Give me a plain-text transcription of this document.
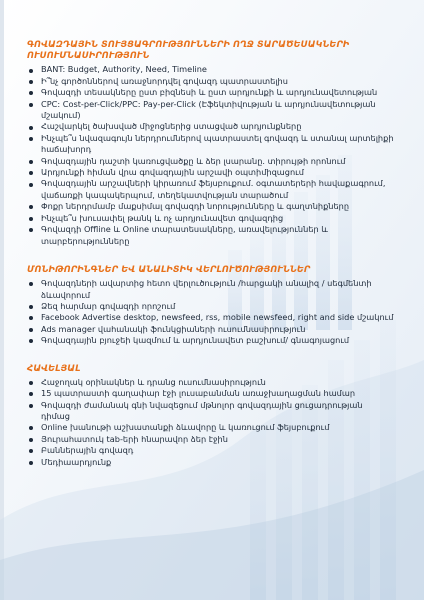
ԳՈՎԱԶԴԱՅԻՆ ՏՈՒՅՑԱԳՐՈՒԹՅՈՒՆՆԵՐԻ ՈՂՋ ՏԱՐԱԾԵՍԱԿՆԵՐԻ ՈՒՍՈՒՄՆԱՍԻՐՈՒԹՅՈՒՆ
BANT: Budget, Authority, Need, Timeline
Ի՞նչ գործոններով առաջնորդվել գովազդ պատրաստելիս
Գովազդի տեսակները ըստ բիզնեսի և ըստ արդյունքի և արդյունավետության
CPC: Cost-per-Click/PPC: Pay-per-Click (Էֆեկտիվության և արդյունավետության մշակում)
Հաշվարկել ծախսված միջոցներից ստացված արդյունքները
Ինչպե՞ս նվազագույն ներդրումներով պատրաստել գովազդ և ստանալ արտելիքի հաճախորդ
Գովազդային դաշտի կառուցվածքը և ձեր լսարանը. տիրույթի որոնում
Արդյունքի հիման վրա գովազդային արշավի օպտիմիզացում
Գովազդային արշավների կիրառում ֆեյսբուքում. օգտատերերի հավաքագրում, վաճառքի կապակերպում, տեղեկատվության տարածում
Փոքր ներդրմամբ մաքսիմալ գովազդի նորությունները և գաղտնիքները
Ինչպե՞ս խուսափել թանկ և ոչ արդյունավետ գովազդից
Գովազդի Offline և Online տարատեսակները, առավելություններ և տարբերությունները
ՄՈՆԻԹՈՐԻՆԳՆԵՐ ԵՎ ԱՆԱԼԻՏԻԿ ՎԵՐԼՈՒԾՈՒԹՅՈՒՆՆԵՐ
Գովազդների ավարտից հետո վերլուծություն /հարցակի անալիզ / սեգմենտի ձևավորում
Ձեզ հարմար գովազդի որոշում
Facebook Advertise desktop, newsfeed, rss, mobile newsfeed, right and side մշակում
Ads manager վահանակի ֆունկցիաների ուսումնասիրություն
Գովազդային բյուջեի կազմում և արդյունավետ բաշխում/ գնագոյացում
ՀԱՎԵԼՅԱԼ
Հաջողակ օրինակներ և դրանց ուսումնասիրություն
15 պատրաստի գաղափար էջի լուսաբանման առաջխաղացման համար
Գովազդի ժամանակ գնի նվազեցում մթնոլոր գովազդային ցուցադրության դիմաց
Online խանութի աշխատանքի ձևավորը և կառուցում ֆեյսբուքում
Յուրահատուկ tab-երի հնարավոր ձեր էջին
Բաններային գովազդ
Մեդիաարդյունք
